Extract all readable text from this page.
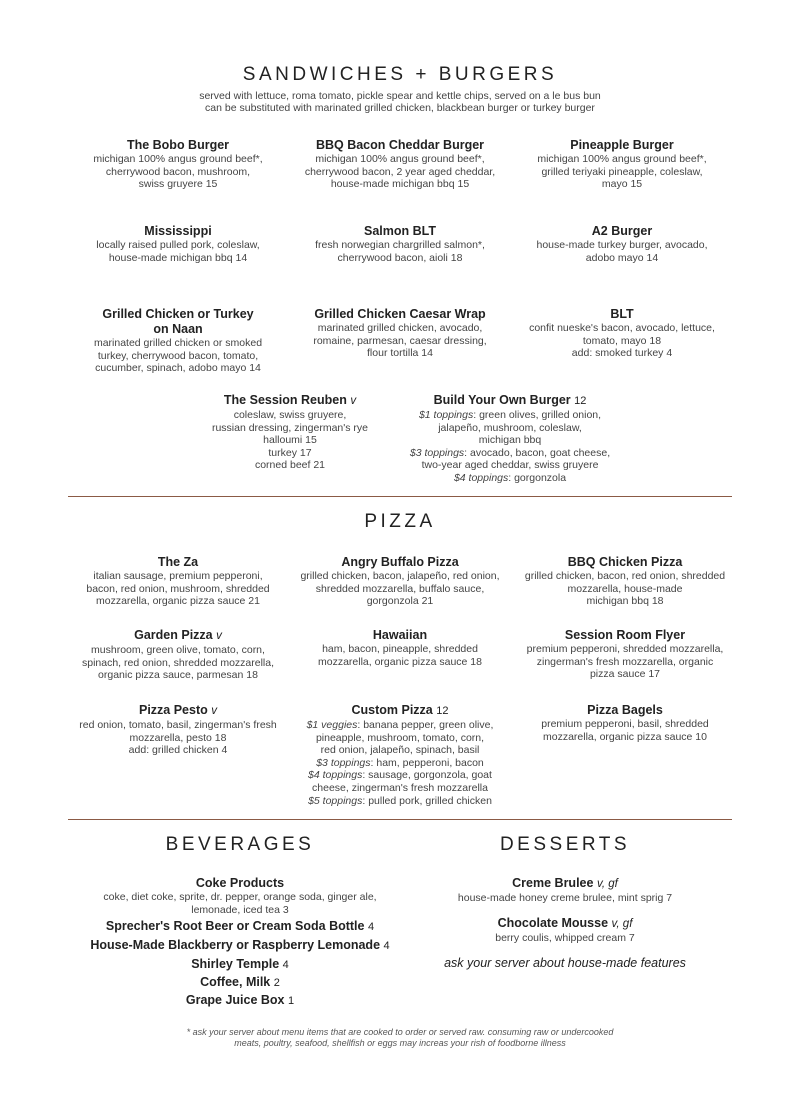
SANDWICHES + BURGERS
served with lettuce, roma tomato, pickle spear and kettle chips, served on a le bus bun
can be substituted with marinated grilled chicken, blackbean burger or turkey burger
The Bobo Burger
michigan 100% angus ground beef*,
cherrywood bacon, mushroom,
swiss gruyere 15
BBQ Bacon Cheddar Burger
michigan 100% angus ground beef*,
cherrywood bacon, 2 year aged cheddar,
house-made michigan bbq 15
Pineapple Burger
michigan 100% angus ground beef*,
grilled teriyaki pineapple, coleslaw,
mayo 15
Mississippi
locally raised pulled pork, coleslaw,
house-made michigan bbq 14
Salmon BLT
fresh norwegian chargrilled salmon*,
cherrywood bacon, aioli 18
A2 Burger
house-made turkey burger, avocado,
adobo mayo 14
Grilled Chicken or Turkey
on Naan
marinated grilled chicken or smoked
turkey, cherrywood bacon, tomato,
cucumber, spinach, adobo mayo 14
Grilled Chicken Caesar Wrap
marinated grilled chicken, avocado,
romaine, parmesan, caesar dressing,
flour tortilla 14
BLT
confit nueske's bacon, avocado, lettuce,
tomato, mayo 18
add: smoked turkey 4
The Session Reuben v
coleslaw, swiss gruyere,
russian dressing, zingerman's rye
halloumi 15
turkey 17
corned beef 21
Build Your Own Burger 12
$1 toppings: green olives, grilled onion,
jalapeño, mushroom, coleslaw,
michigan bbq
$3 toppings: avocado, bacon, goat cheese,
two-year aged cheddar, swiss gruyere
$4 toppings: gorgonzola
PIZZA
The Za
italian sausage, premium pepperoni,
bacon, red onion, mushroom, shredded
mozzarella, organic pizza sauce 21
Angry Buffalo Pizza
grilled chicken, bacon, jalapeño, red onion,
shredded mozzarella, buffalo sauce,
gorgonzola 21
BBQ Chicken Pizza
grilled chicken, bacon, red onion, shredded
mozzarella, house-made
michigan bbq 18
Garden Pizza v
mushroom, green olive, tomato, corn,
spinach, red onion, shredded mozzarella,
organic pizza sauce, parmesan 18
Hawaiian
ham, bacon, pineapple, shredded
mozzarella, organic pizza sauce 18
Session Room Flyer
premium pepperoni, shredded mozzarella,
zingerman's fresh mozzarella, organic
pizza sauce 17
Pizza Pesto v
red onion, tomato, basil, zingerman's fresh
mozzarella, pesto 18
add: grilled chicken 4
Custom Pizza 12
$1 veggies: banana pepper, green olive,
pineapple, mushroom, tomato, corn,
red onion, jalapeño, spinach, basil
$3 toppings: ham, pepperoni, bacon
$4 toppings: sausage, gorgonzola, goat
cheese, zingerman's fresh mozzarella
$5 toppings: pulled pork, grilled chicken
Pizza Bagels
premium pepperoni, basil, shredded
mozzarella, organic pizza sauce 10
BEVERAGES
Coke Products
coke, diet coke, sprite, dr. pepper, orange soda, ginger ale,
lemonade, iced tea 3
Sprecher's Root Beer or Cream Soda Bottle 4
House-Made Blackberry or Raspberry Lemonade 4
Shirley Temple 4
Coffee, Milk 2
Grape Juice Box 1
DESSERTS
Creme Brulee v, gf
house-made honey creme brulee, mint sprig 7
Chocolate Mousse v, gf
berry coulis, whipped cream 7
ask your server about house-made features
* ask your server about menu items that are cooked to order or served raw. consuming raw or undercooked
meats, poultry, seafood, shellfish or eggs may increas your rish of foodborne illness
